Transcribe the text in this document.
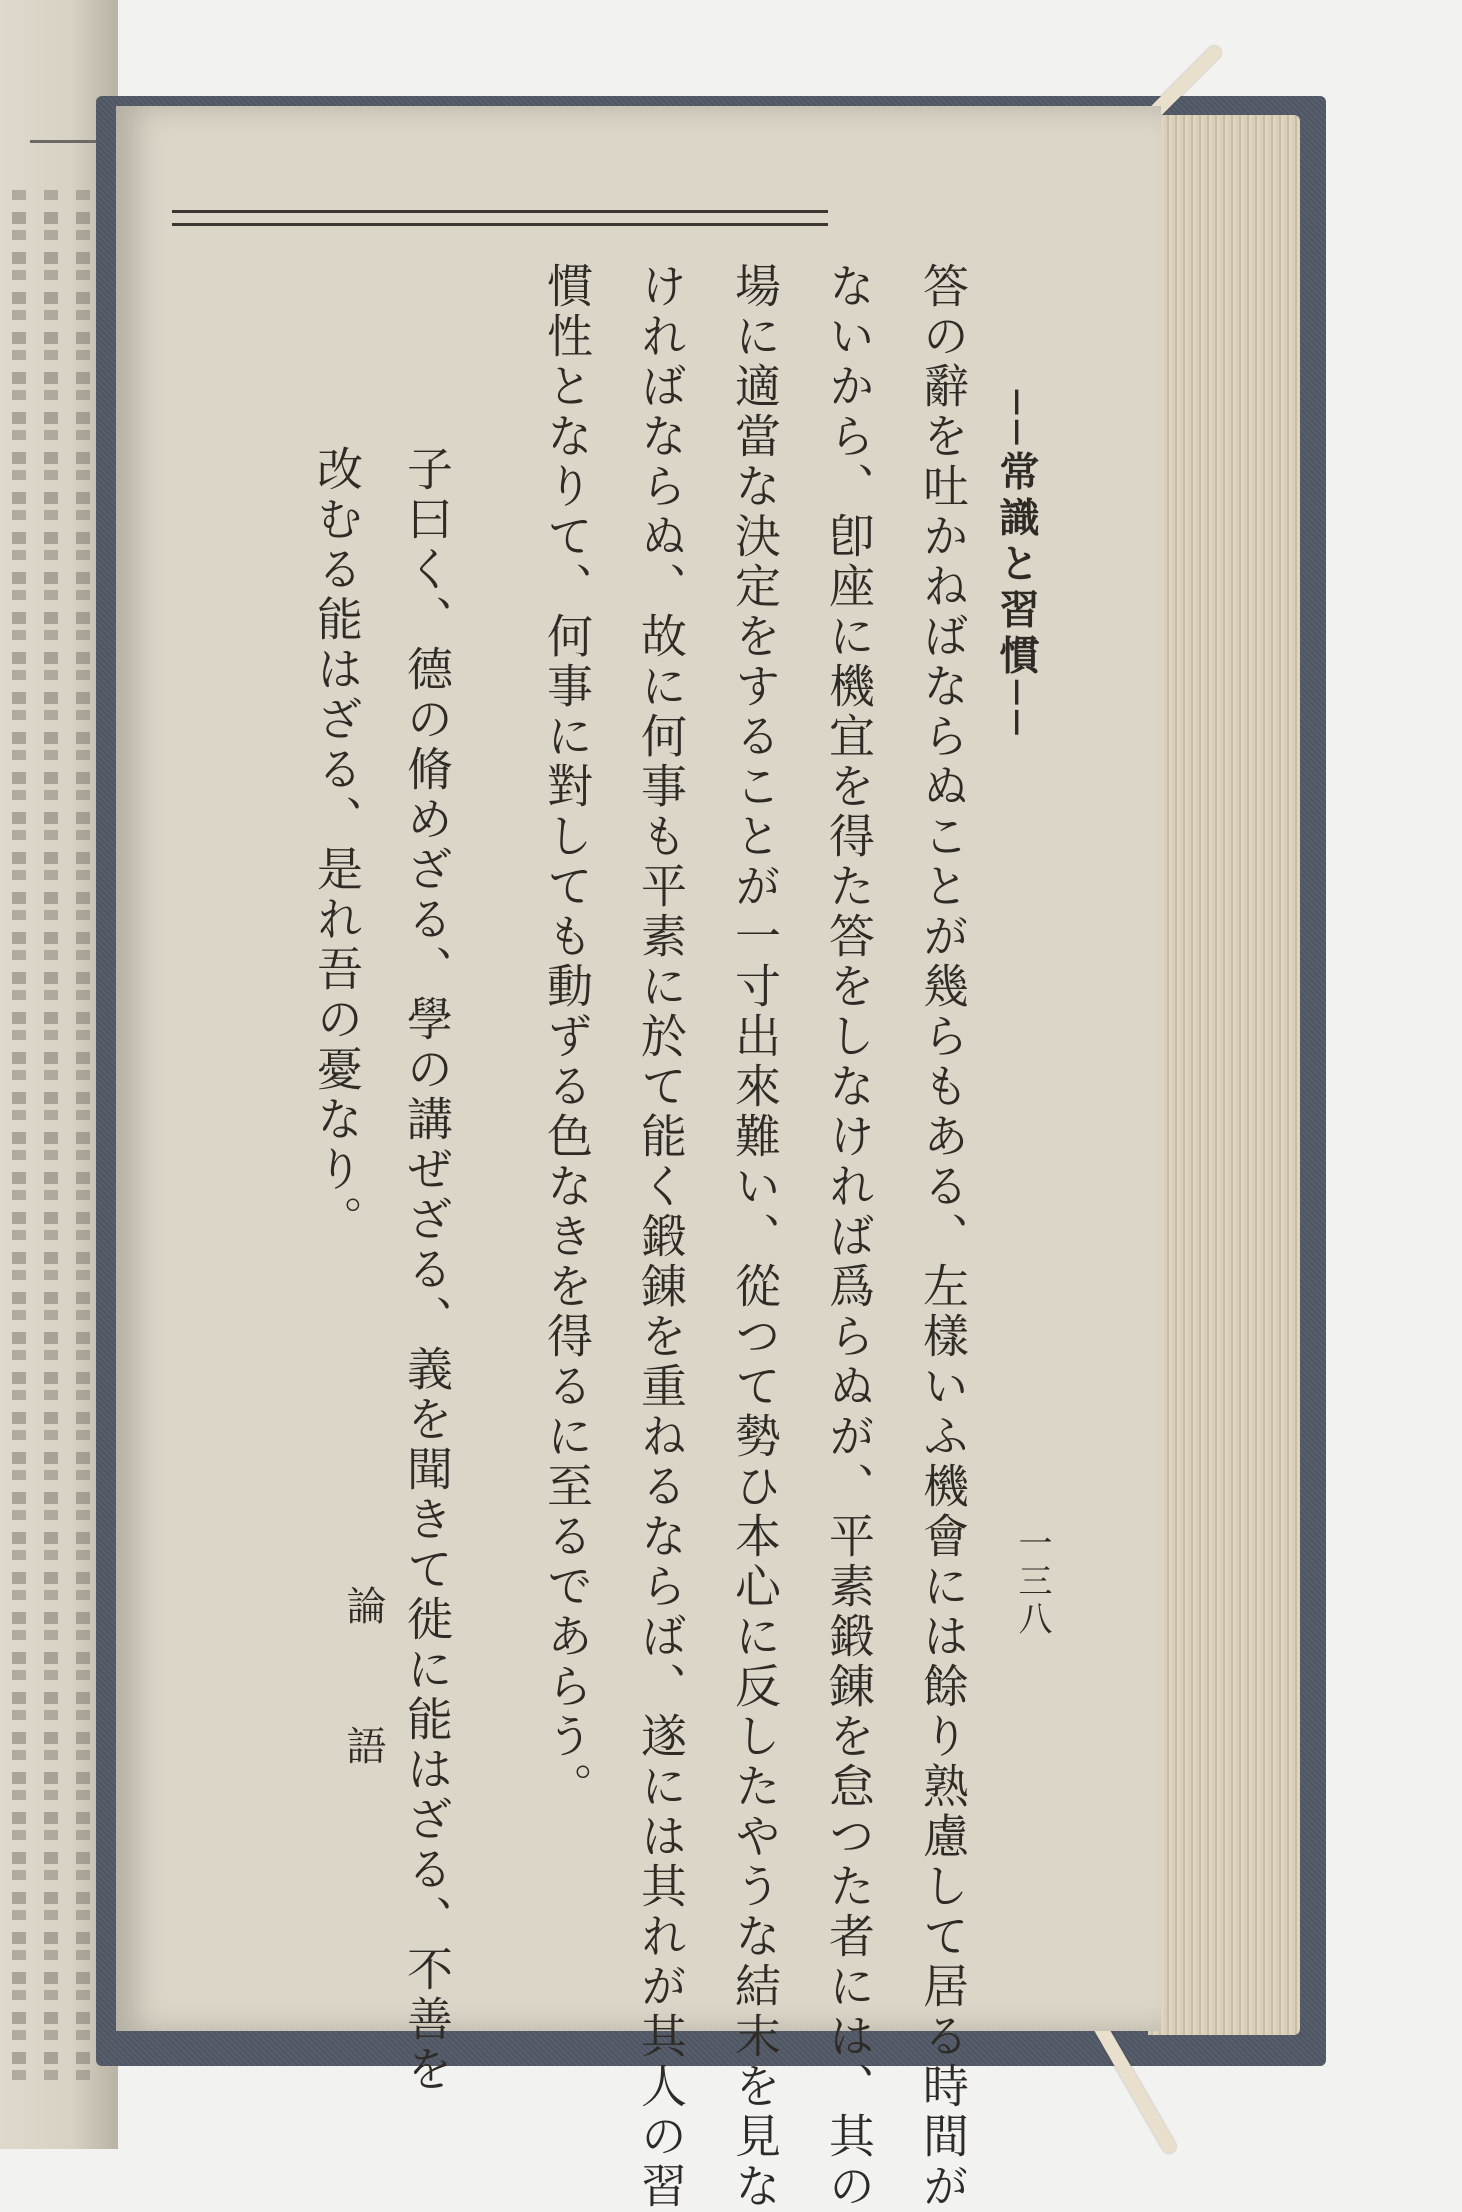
──常識と習慣──
一三八
答の辭を吐かねばならぬことが幾らもある、左樣いふ機會には餘り熟慮して居る時間が
ないから、卽座に機宜を得た答をしなければ爲らぬが、平素鍛錬を怠つた者には、其の
場に適當な決定をすることが一寸出來難い、從つて勢ひ本心に反したやうな結末を見な
ければならぬ、故に何事も平素に於て能く鍛錬を重ねるならば、遂には其れが其人の習
慣性となりて、何事に對しても動ずる色なきを得るに至るであらう。
子曰く、德の脩めざる、學の講ぜざる、義を聞きて徙に能はざる、不善を
改むる能はざる、是れ吾の憂なり。
論
語
